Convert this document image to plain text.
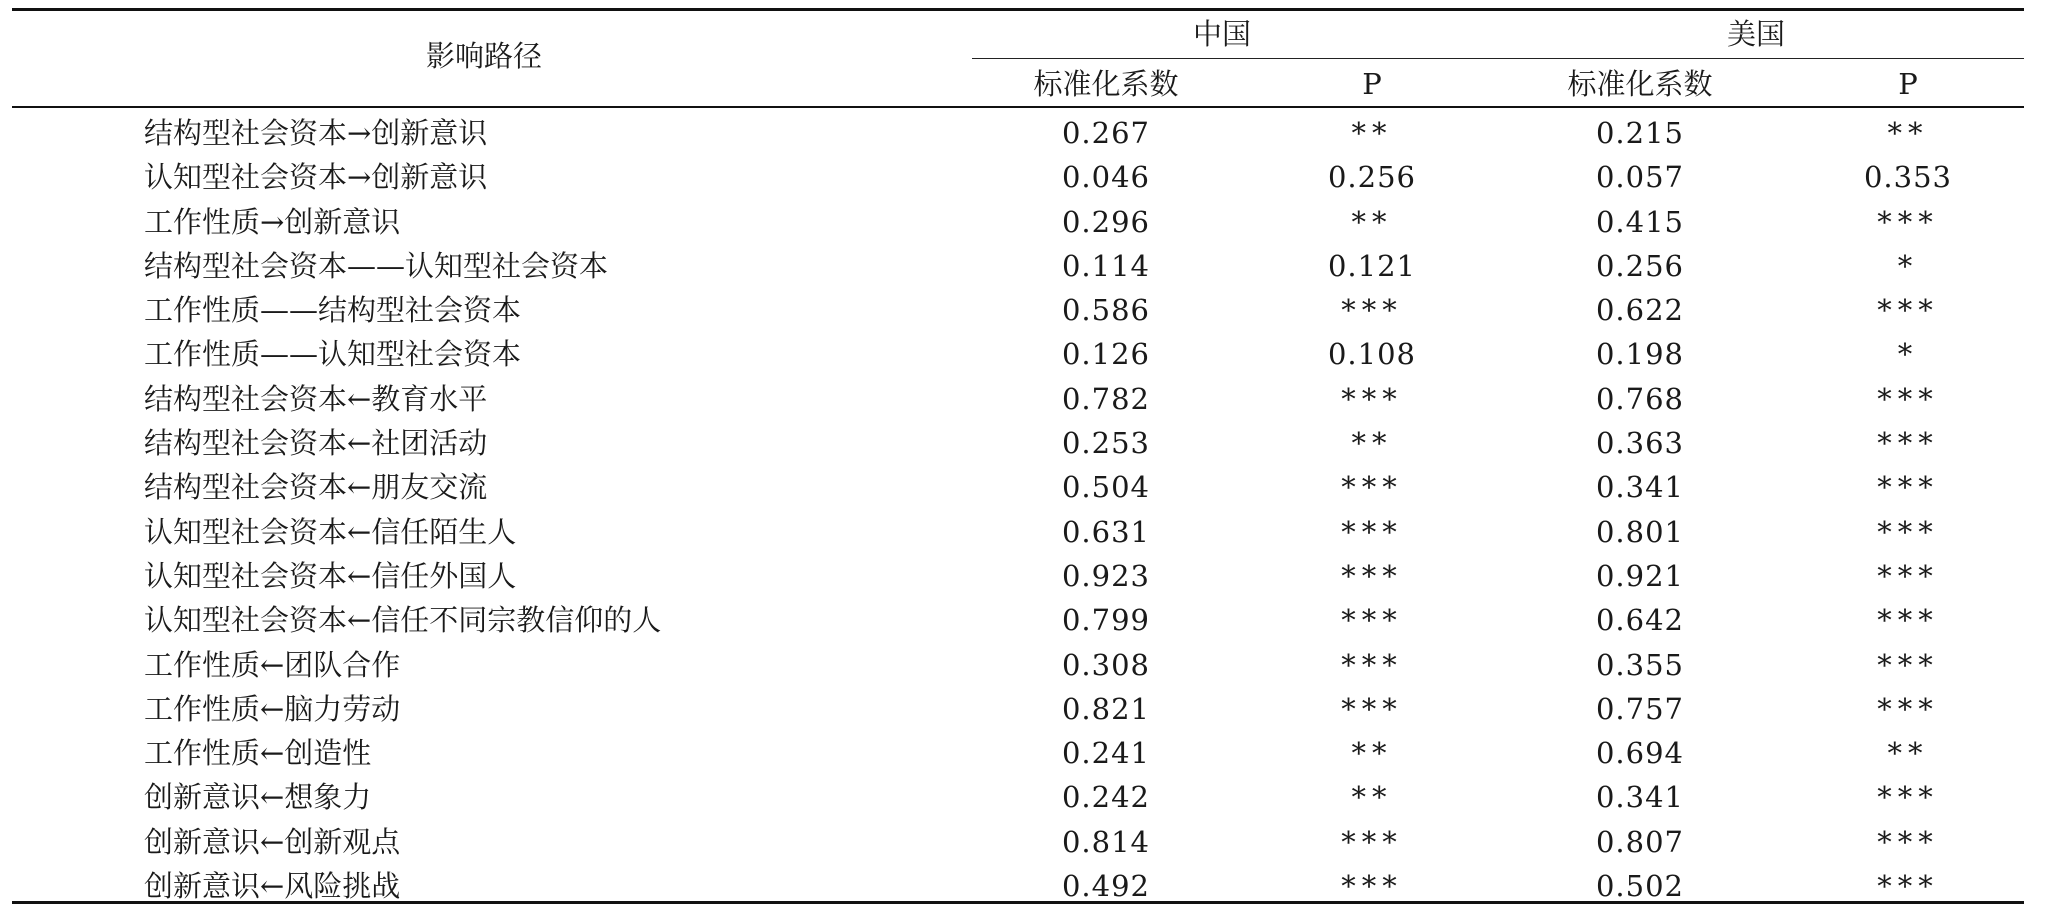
影响路径
中国	美国
标准化系数	P	标准化系数	P
结构型社会资本→创新意识	0.267	**	0.215	**
认知型社会资本→创新意识	0.046	0.256	0.057	0.353
工作性质→创新意识	0.296	**	0.415	***
结构型社会资本——认知型社会资本	0.114	0.121	0.256	*
工作性质——结构型社会资本	0.586	***	0.622	***
工作性质——认知型社会资本	0.126	0.108	0.198	*
结构型社会资本←教育水平	0.782	***	0.768	***
结构型社会资本←社团活动	0.253	**	0.363	***
结构型社会资本←朋友交流	0.504	***	0.341	***
认知型社会资本←信任陌生人	0.631	***	0.801	***
认知型社会资本←信任外国人	0.923	***	0.921	***
认知型社会资本←信任不同宗教信仰的人	0.799	***	0.642	***
工作性质←团队合作	0.308	***	0.355	***
工作性质←脑力劳动	0.821	***	0.757	***
工作性质←创造性	0.241	**	0.694	**
创新意识←想象力	0.242	**	0.341	***
创新意识←创新观点	0.814	***	0.807	***
创新意识←风险挑战	0.492	***	0.502	***
